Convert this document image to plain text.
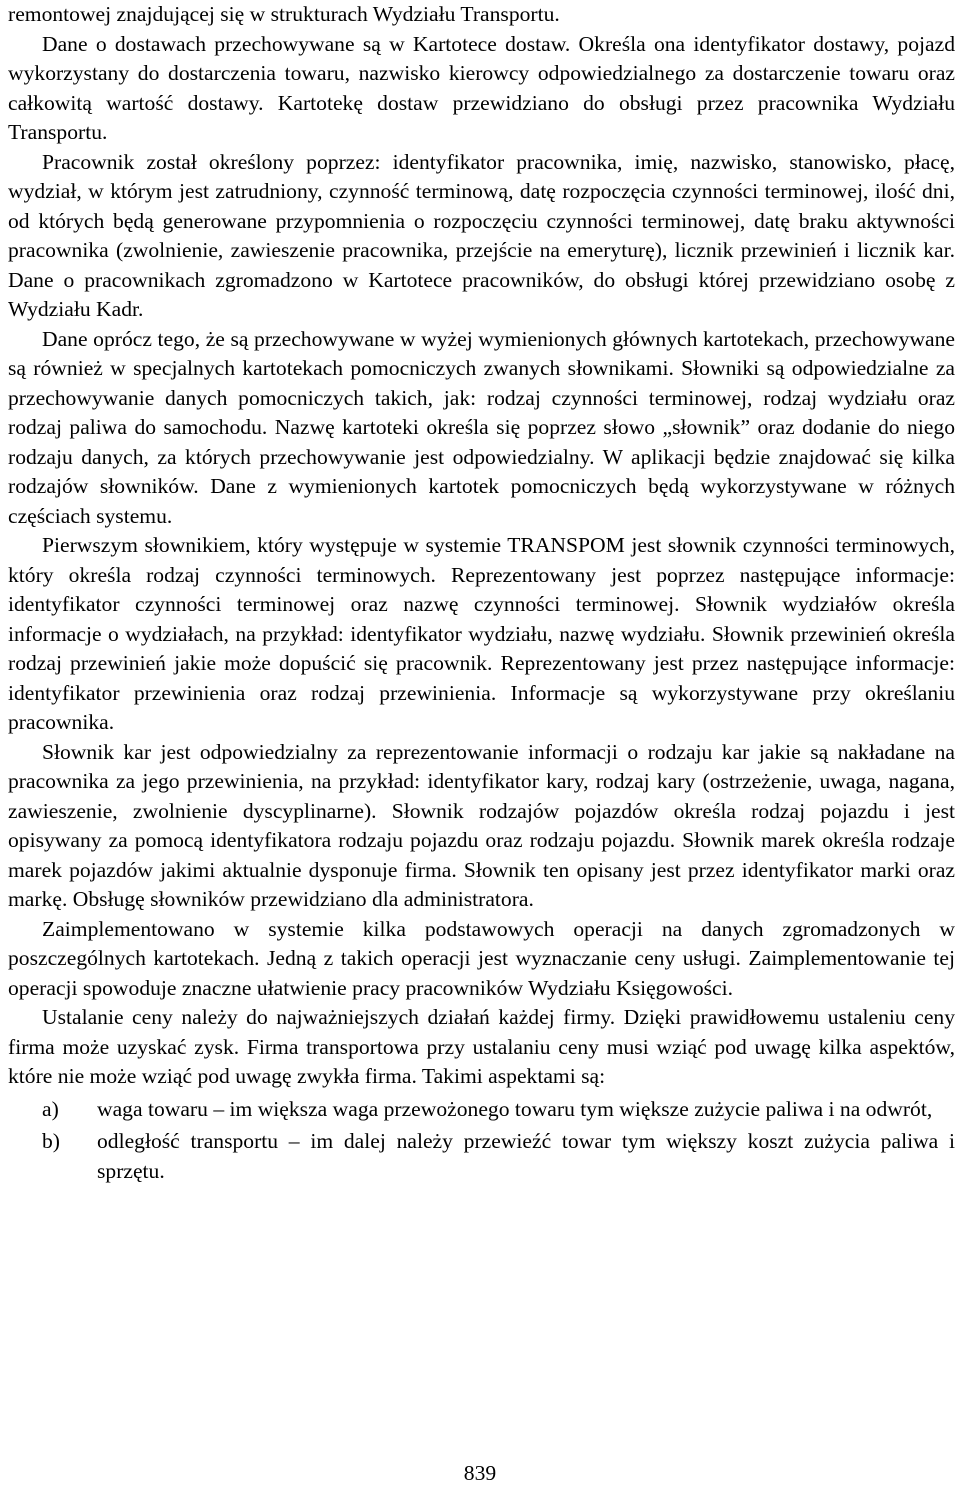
remontowej znajdującej się w strukturach Wydziału Transportu.

Dane o dostawach przechowywane są w Kartotece dostaw. Określa ona identyfikator dostawy, pojazd wykorzystany do dostarczenia towaru, nazwisko kierowcy odpowiedzialnego za dostarczenie towaru oraz całkowitą wartość dostawy. Kartotekę dostaw przewidziano do obsługi przez pracownika Wydziału Transportu.

Pracownik został określony poprzez: identyfikator pracownika, imię, nazwisko, stanowisko, płacę, wydział, w którym jest zatrudniony, czynność terminową, datę rozpoczęcia czynności terminowej, ilość dni, od których będą generowane przypomnienia o rozpoczęciu czynności terminowej, datę braku aktywności pracownika (zwolnienie, zawieszenie pracownika, przejście na emeryturę), licznik przewinień i licznik kar. Dane o pracownikach zgromadzono w Kartotece pracowników, do obsługi której przewidziano osobę z Wydziału Kadr.

Dane oprócz tego, że są przechowywane w wyżej wymienionych głównych kartotekach, przechowywane są również w specjalnych kartotekach pomocniczych zwanych słownikami. Słowniki są odpowiedzialne za przechowywanie danych pomocniczych takich, jak: rodzaj czynności terminowej, rodzaj wydziału oraz rodzaj paliwa do samochodu. Nazwę kartoteki określa się poprzez słowo „słownik” oraz dodanie do niego rodzaju danych, za których przechowywanie jest odpowiedzialny. W aplikacji będzie znajdować się kilka rodzajów słowników. Dane z wymienionych kartotek pomocniczych będą wykorzystywane w różnych częściach systemu.

Pierwszym słownikiem, który występuje w systemie TRANSPOM jest słownik czynności terminowych, który określa rodzaj czynności terminowych. Reprezentowany jest poprzez następujące informacje: identyfikator czynności terminowej oraz nazwę czynności terminowej. Słownik wydziałów określa informacje o wydziałach, na przykład: identyfikator wydziału, nazwę wydziału. Słownik przewinień określa rodzaj przewinień jakie może dopuścić się pracownik. Reprezentowany jest przez następujące informacje: identyfikator przewinienia oraz rodzaj przewinienia. Informacje są wykorzystywane przy określaniu pracownika.

Słownik kar jest odpowiedzialny za reprezentowanie informacji o rodzaju kar jakie są nakładane na pracownika za jego przewinienia, na przykład: identyfikator kary, rodzaj kary (ostrzeżenie, uwaga, nagana, zawieszenie, zwolnienie dyscyplinarne). Słownik rodzajów pojazdów określa rodzaj pojazdu i jest opisywany za pomocą identyfikatora rodzaju pojazdu oraz rodzaju pojazdu. Słownik marek określa rodzaje marek pojazdów jakimi aktualnie dysponuje firma. Słownik ten opisany jest przez identyfikator marki oraz markę. Obsługę słowników przewidziano dla administratora.

Zaimplementowano w systemie kilka podstawowych operacji na danych zgromadzonych w poszczególnych kartotekach. Jedną z takich operacji jest wyznaczanie ceny usługi. Zaimplementowanie tej operacji spowoduje znaczne ułatwienie pracy pracowników Wydziału Księgowości.

Ustalanie ceny należy do najważniejszych działań każdej firmy. Dzięki prawidłowemu ustaleniu ceny firma może uzyskać zysk. Firma transportowa przy ustalaniu ceny musi wziąć pod uwagę kilka aspektów, które nie może wziąć pod uwagę zwykła firma. Takimi aspektami są:

a) waga towaru – im większa waga przewożonego towaru tym większe zużycie paliwa i na odwrót,
b) odległość transportu – im dalej należy przewieźć towar tym większy koszt zużycia paliwa i sprzętu.
839
